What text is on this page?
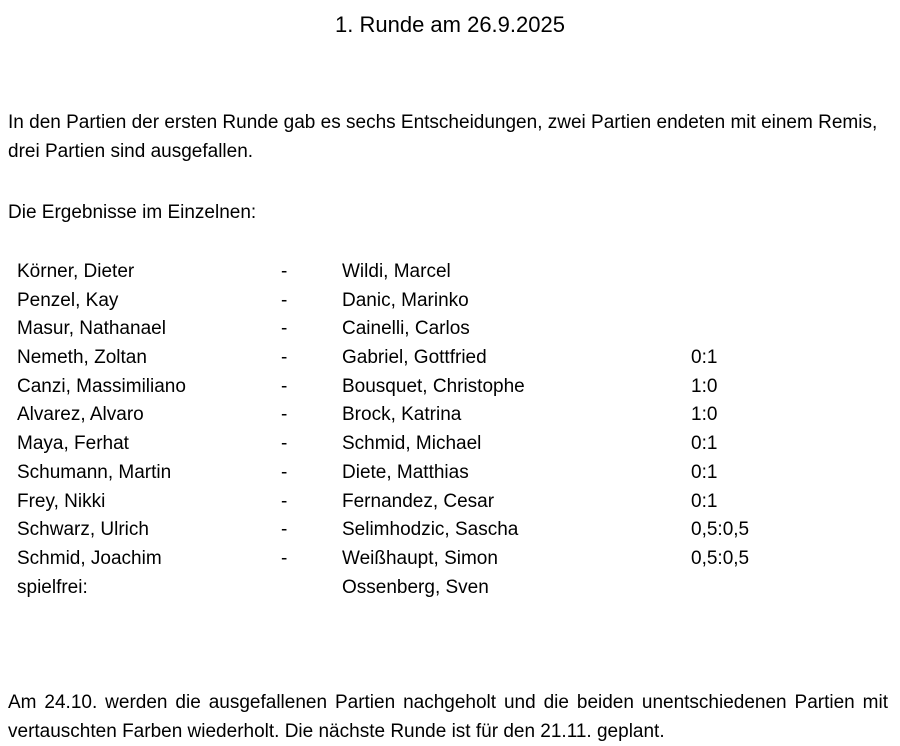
1. Runde am 26.9.2025
In den Partien der ersten Runde gab es sechs Entscheidungen, zwei Partien endeten mit einem Remis, drei Partien sind ausgefallen.
Die Ergebnisse im Einzelnen:
Körner, Dieter	-	Wildi, Marcel
Penzel, Kay	-	Danic, Marinko
Masur, Nathanael	-	Cainelli, Carlos
Nemeth, Zoltan	-	Gabriel, Gottfried	0:1
Canzi, Massimiliano	-	Bousquet, Christophe	1:0
Alvarez, Alvaro	-	Brock, Katrina	1:0
Maya, Ferhat	-	Schmid, Michael	0:1
Schumann, Martin	-	Diete, Matthias	0:1
Frey, Nikki	-	Fernandez, Cesar	0:1
Schwarz, Ulrich	-	Selimhodzic, Sascha	0,5:0,5
Schmid, Joachim	-	Weißhaupt, Simon	0,5:0,5
spielfrei:	Ossenberg, Sven
Am 24.10. werden die ausgefallenen Partien nachgeholt und die beiden unentschiedenen Partien mit vertauschten Farben wiederholt. Die nächste Runde ist für den 21.11. geplant.
